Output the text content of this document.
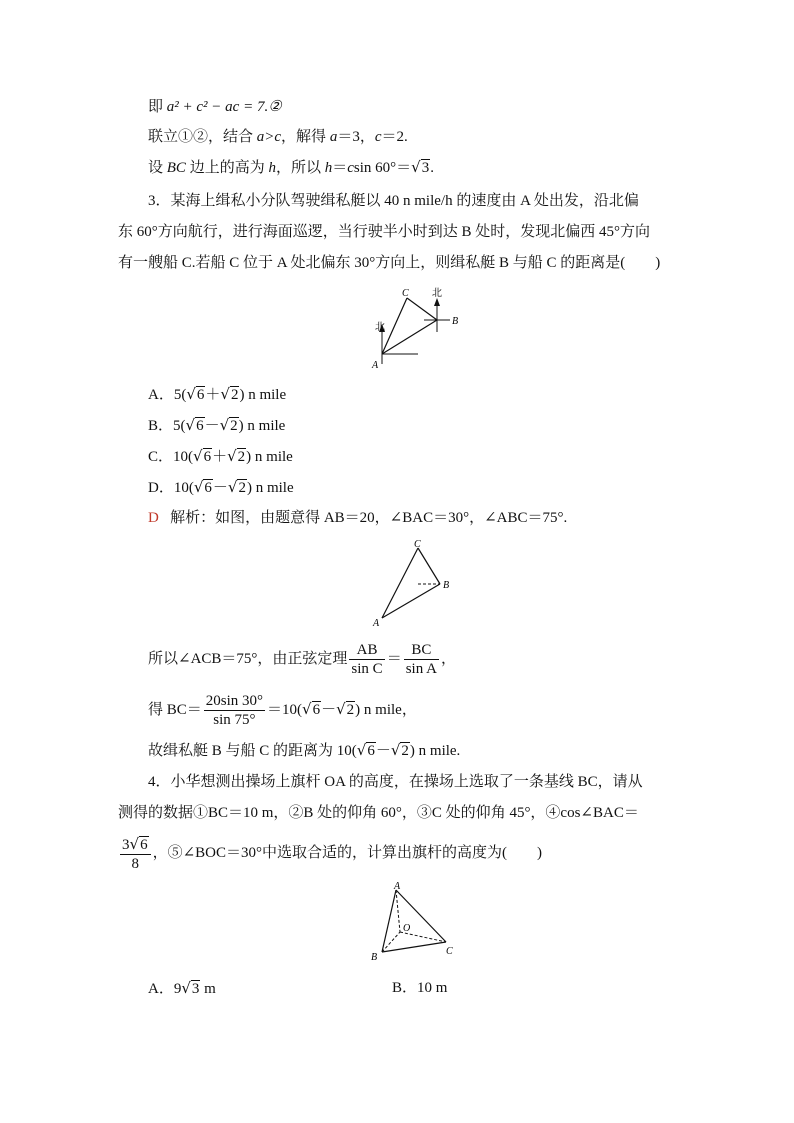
即 a² + c² − ac = 7.②
联立①②，结合 a>c，解得 a＝3，c＝2.
设 BC 边上的高为 h，所以 h＝csin 60°＝√3.
3．某海上缉私小分队驾驶缉私艇以 40 n mile/h 的速度由 A 处出发，沿北偏
东 60°方向航行，进行海面巡逻，当行驶半小时到达 B 处时，发现北偏西 45°方向
有一艘船 C.若船 C 位于 A 处北偏东 30°方向上，则缉私艇 B 与船 C 的距离是(　　)
C
B
A
北
北
A．5(√6＋√2) n mile
B．5(√6－√2) n mile
C．10(√6＋√2) n mile
D．10(√6－√2) n mile
D 解析：如图，由题意得 AB＝20，∠BAC＝30°，∠ABC＝75°.
C
B
A
所以∠ACB＝75°，由正弦定理 $\frac{AB}{\text{sin C}} = \frac{BC}{\text{sin A}}$ ，
得 $BC= \frac{20\sin 30^\circ}{\sin 75^\circ} =10(√6-√2)$ n mile，
故缉私艇 B 与船 C 的距离为 10(√6－√2) n mile.
4．小华想测出操场上旗杆 OA 的高度，在操场上选取了一条基线 BC，请从
测得的数据①BC＝10 m，②B 处的仰角 60°，③C 处的仰角 45°，④cos∠BAC＝
$\frac{3√6}{8}$ ，⑤∠BOC＝30°中选取合适的，计算出旗杆的高度为(　　)
A
O
B
C
A．9√3 m	B．10 m
